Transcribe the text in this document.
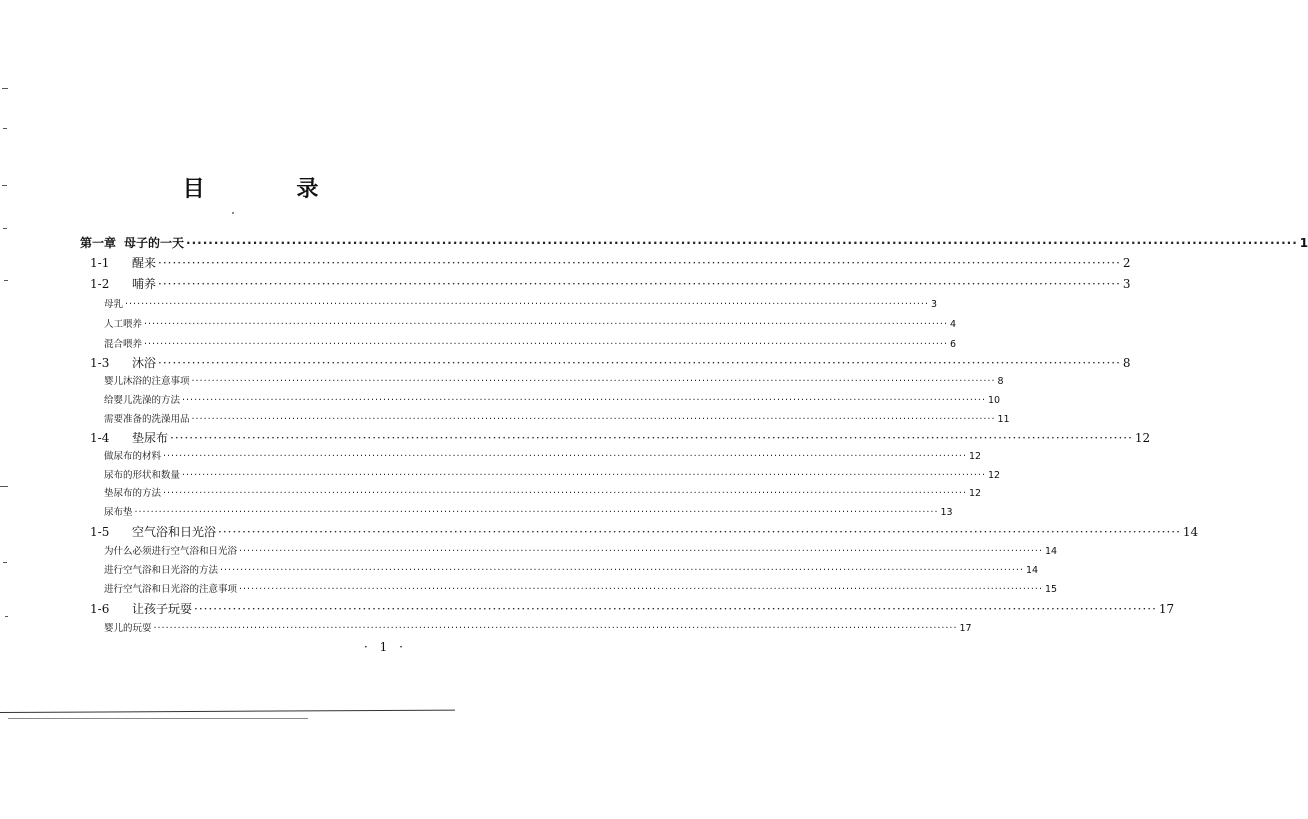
目 录
第一章 母子的一天 ········································································································································································································ 1
1-1	醒来 ········································································································································································································ 2
1-2	哺养 ········································································································································································································ 3
母乳 ········································································································································································································ 3
人工喂养 ········································································································································································································ 4
混合喂养 ········································································································································································································ 6
1-3	沐浴 ········································································································································································································ 8
婴儿沐浴的注意事项 ········································································································································································································ 8
给婴儿洗澡的方法 ········································································································································································································ 10
需要准备的洗澡用品 ········································································································································································································ 11
1-4	垫尿布 ········································································································································································································ 12
做尿布的材料 ········································································································································································································ 12
尿布的形状和数量 ········································································································································································································ 12
垫尿布的方法 ········································································································································································································ 12
尿布垫 ········································································································································································································ 13
1-5	空气浴和日光浴 ········································································································································································································ 14
为什么必须进行空气浴和日光浴 ········································································································································································································ 14
进行空气浴和日光浴的方法 ········································································································································································································ 14
进行空气浴和日光浴的注意事项 ········································································································································································································ 15
1-6	让孩子玩耍 ········································································································································································································ 17
婴儿的玩耍 ········································································································································································································ 17
· 1 ·
